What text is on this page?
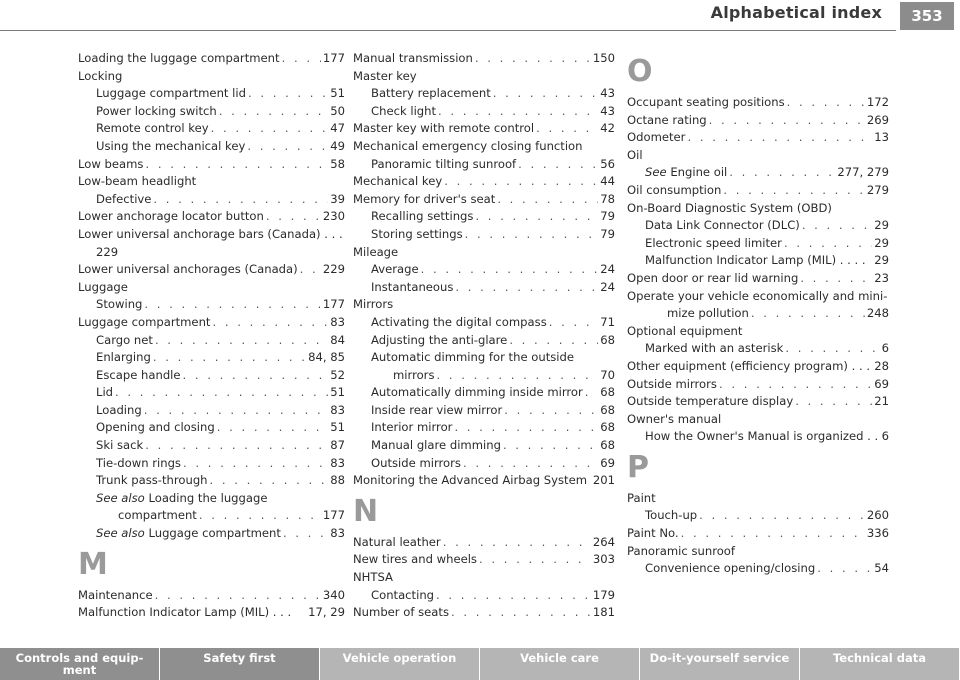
Alphabetical index	353
Loading the luggage compartment . . .	177
Locking
Luggage compartment lid . . .	51
Power locking switch . . .	50
Remote control key . . .	47
Using the mechanical key . . .	49
Low beams . . .	58
Low-beam headlight
Defective . . .	39
Lower anchorage locator button . . .	230
Lower universal anchorage bars (Canada) . . .
229
Lower universal anchorages (Canada) . . . 229
Luggage
Stowing . . .	177
Luggage compartment . . .	83
Cargo net . . .	84
Enlarging . . .	84, 85
Escape handle . . .	52
Lid . . .	51
Loading . . .	83
Opening and closing . . .	51
Ski sack . . .	87
Tie-down rings . . .	83
Trunk pass-through . . .	88
See also Loading the luggage
compartment . . .	177
See also Luggage compartment . . .	83
M
Maintenance . . .	340
Malfunction Indicator Lamp (MIL) . . . 17, 29
Manual transmission . . .	150
Master key
Battery replacement . . .	43
Check light . . .	43
Master key with remote control . . .	42
Mechanical emergency closing function
Panoramic tilting sunroof . . .	56
Mechanical key . . .	44
Memory for driver's seat . . .	78
Recalling settings . . .	79
Storing settings . . .	79
Mileage
Average . . .	24
Instantaneous . . .	24
Mirrors
Activating the digital compass . . .	71
Adjusting the anti-glare . . .	68
Automatic dimming for the outside
mirrors . . .	70
Automatically dimming inside mirror . . . 68
Inside rear view mirror . . .	68
Interior mirror . . .	68
Manual glare dimming . . .	68
Outside mirrors . . .	69
Monitoring the Advanced Airbag System 201
N
Natural leather . . .	264
New tires and wheels . . .	303
NHTSA
Contacting . . .	179
Number of seats . . .	181
O
Occupant seating positions . . .	172
Octane rating . . .	269
Odometer . . .	13
Oil
See Engine oil . . .	277, 279
Oil consumption . . .	279
On-Board Diagnostic System (OBD)
Data Link Connector (DLC) . . .	29
Electronic speed limiter . . .	29
Malfunction Indicator Lamp (MIL) . . . . 29
Open door or rear lid warning . . .	23
Operate your vehicle economically and mini-
mize pollution . . .	248
Optional equipment
Marked with an asterisk . . .	6
Other equipment (efficiency program) . . . 28
Outside mirrors . . .	69
Outside temperature display . . .	21
Owner's manual
How the Owner's Manual is organized . . 6
P
Paint
Touch-up . . .	260
Paint No. . . .	336
Panoramic sunroof
Convenience opening/closing . . .	54
Controls and equip-
ment
Safety first	Vehicle operation	Vehicle care	Do-it-yourself service	Technical data
